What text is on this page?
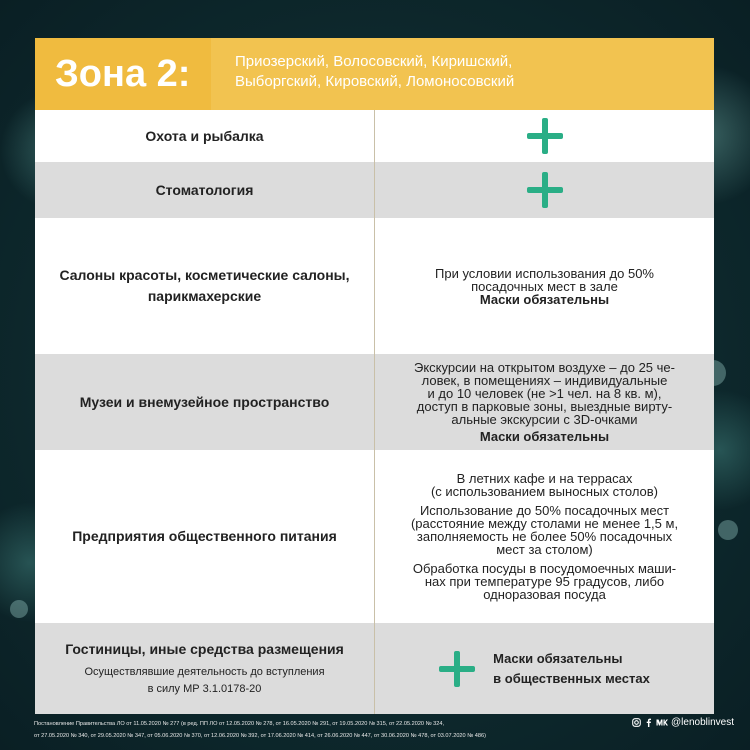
Зона 2:	Приозерский, Волосовский, Киришский,
Выборгский, Кировский, Ломоносовский
Охота и рыбалка
Стоматология
Салоны красоты, косметические салоны,
парикмахерские
При условии использования до 50%
посадочных мест в зале
Маски обязательны
Музеи и внемузейное пространство
Экскурсии на открытом воздухе – до 25 че-
ловек, в помещениях – индивидуальные
и до 10 человек (не >1 чел. на 8 кв. м),
доступ в парковые зоны, выездные вирту-
альные экскурсии с 3D-очками
Маски обязательны
Предприятия общественного питания
В летних кафе и на террасах
(с использованием выносных столов)
Использование до 50% посадочных мест
(расстояние между столами не менее 1,5 м,
заполняемость не более 50% посадочных
мест за столом)
Обработка посуды в посудомоечных маши-
нах при температуре 95 градусов, либо
одноразовая посуда
Гостиницы, иные средства размещения
Осуществлявшие деятельность до вступления
в силу МР 3.1.0178-20
Маски обязательны
в общественных местах
Постановление Правительства ЛО от 11.05.2020 № 277 (в ред. ПП ЛО от 12.05.2020 № 278, от 16.05.2020 № 291, от 19.05.2020 № 315, от 22.05.2020 № 324,
от 27.05.2020 № 340, от 29.05.2020 № 347, от 05.06.2020 № 370, от 12.06.2020 № 392, от 17.06.2020 № 414, от 26.06.2020 № 447, от 30.06.2020 № 478, от 03.07.2020 № 486)
@lenoblinvest
